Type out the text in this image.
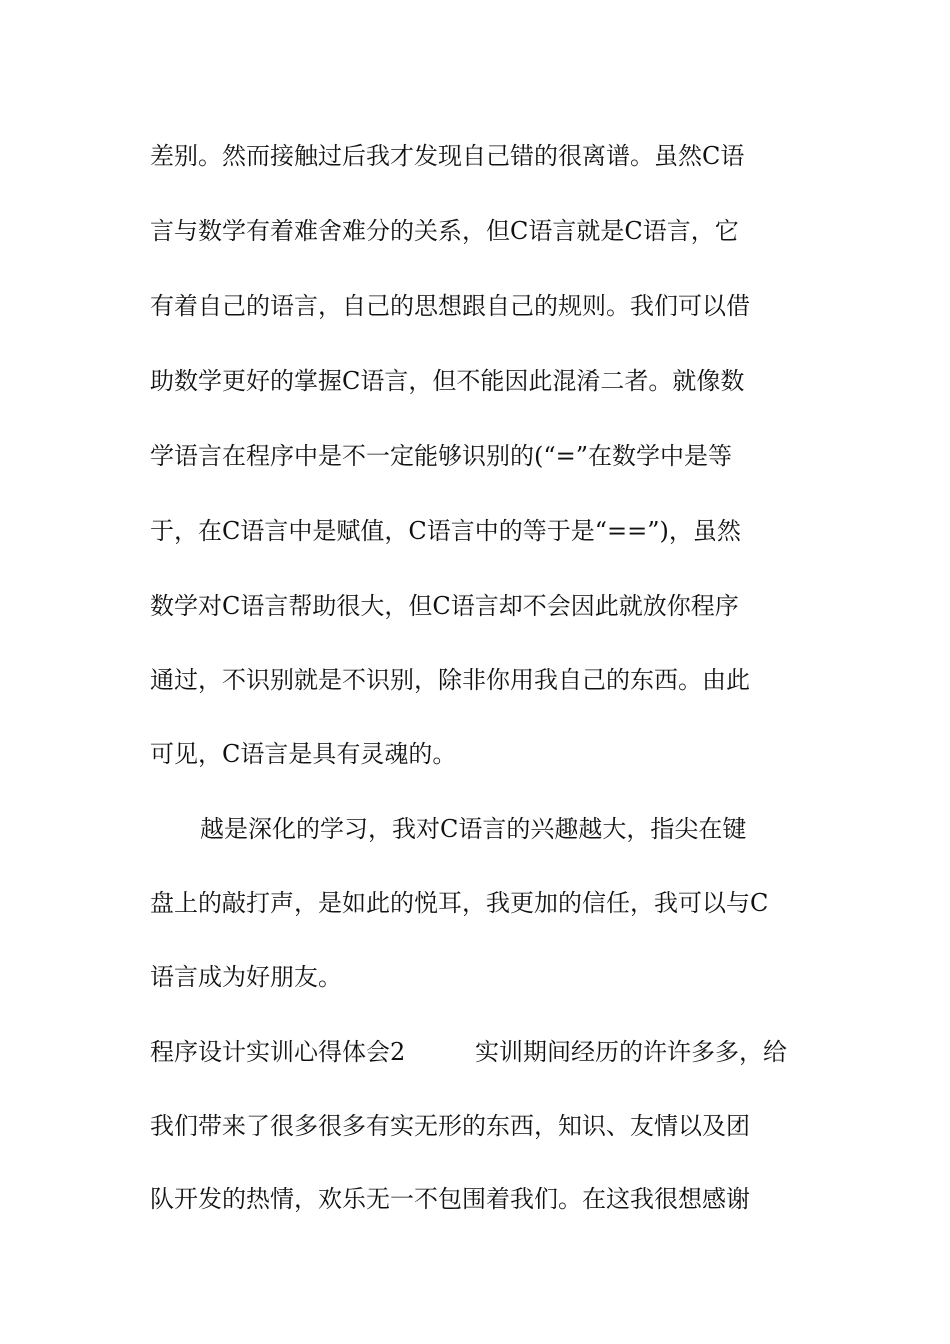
差别。然而接触过后我才发现自己错的很离谱。虽然C语
言与数学有着难舍难分的关系，但C语言就是C语言，它
有着自己的语言，自己的思想跟自己的规则。我们可以借
助数学更好的掌握C语言，但不能因此混淆二者。就像数
学语言在程序中是不一定能够识别的(“=”在数学中是等
于，在C语言中是赋值，C语言中的等于是“==”)，虽然
数学对C语言帮助很大，但C语言却不会因此就放你程序
通过，不识别就是不识别，除非你用我自己的东西。由此
可见，C语言是具有灵魂的。
越是深化的学习，我对C语言的兴趣越大，指尖在键
盘上的敲打声，是如此的悦耳，我更加的信任，我可以与C
语言成为好朋友。
程序设计实训心得体会2	实训期间经历的许许多多，给
我们带来了很多很多有实无形的东西，知识、友情以及团
队开发的热情，欢乐无一不包围着我们。在这我很想感谢
